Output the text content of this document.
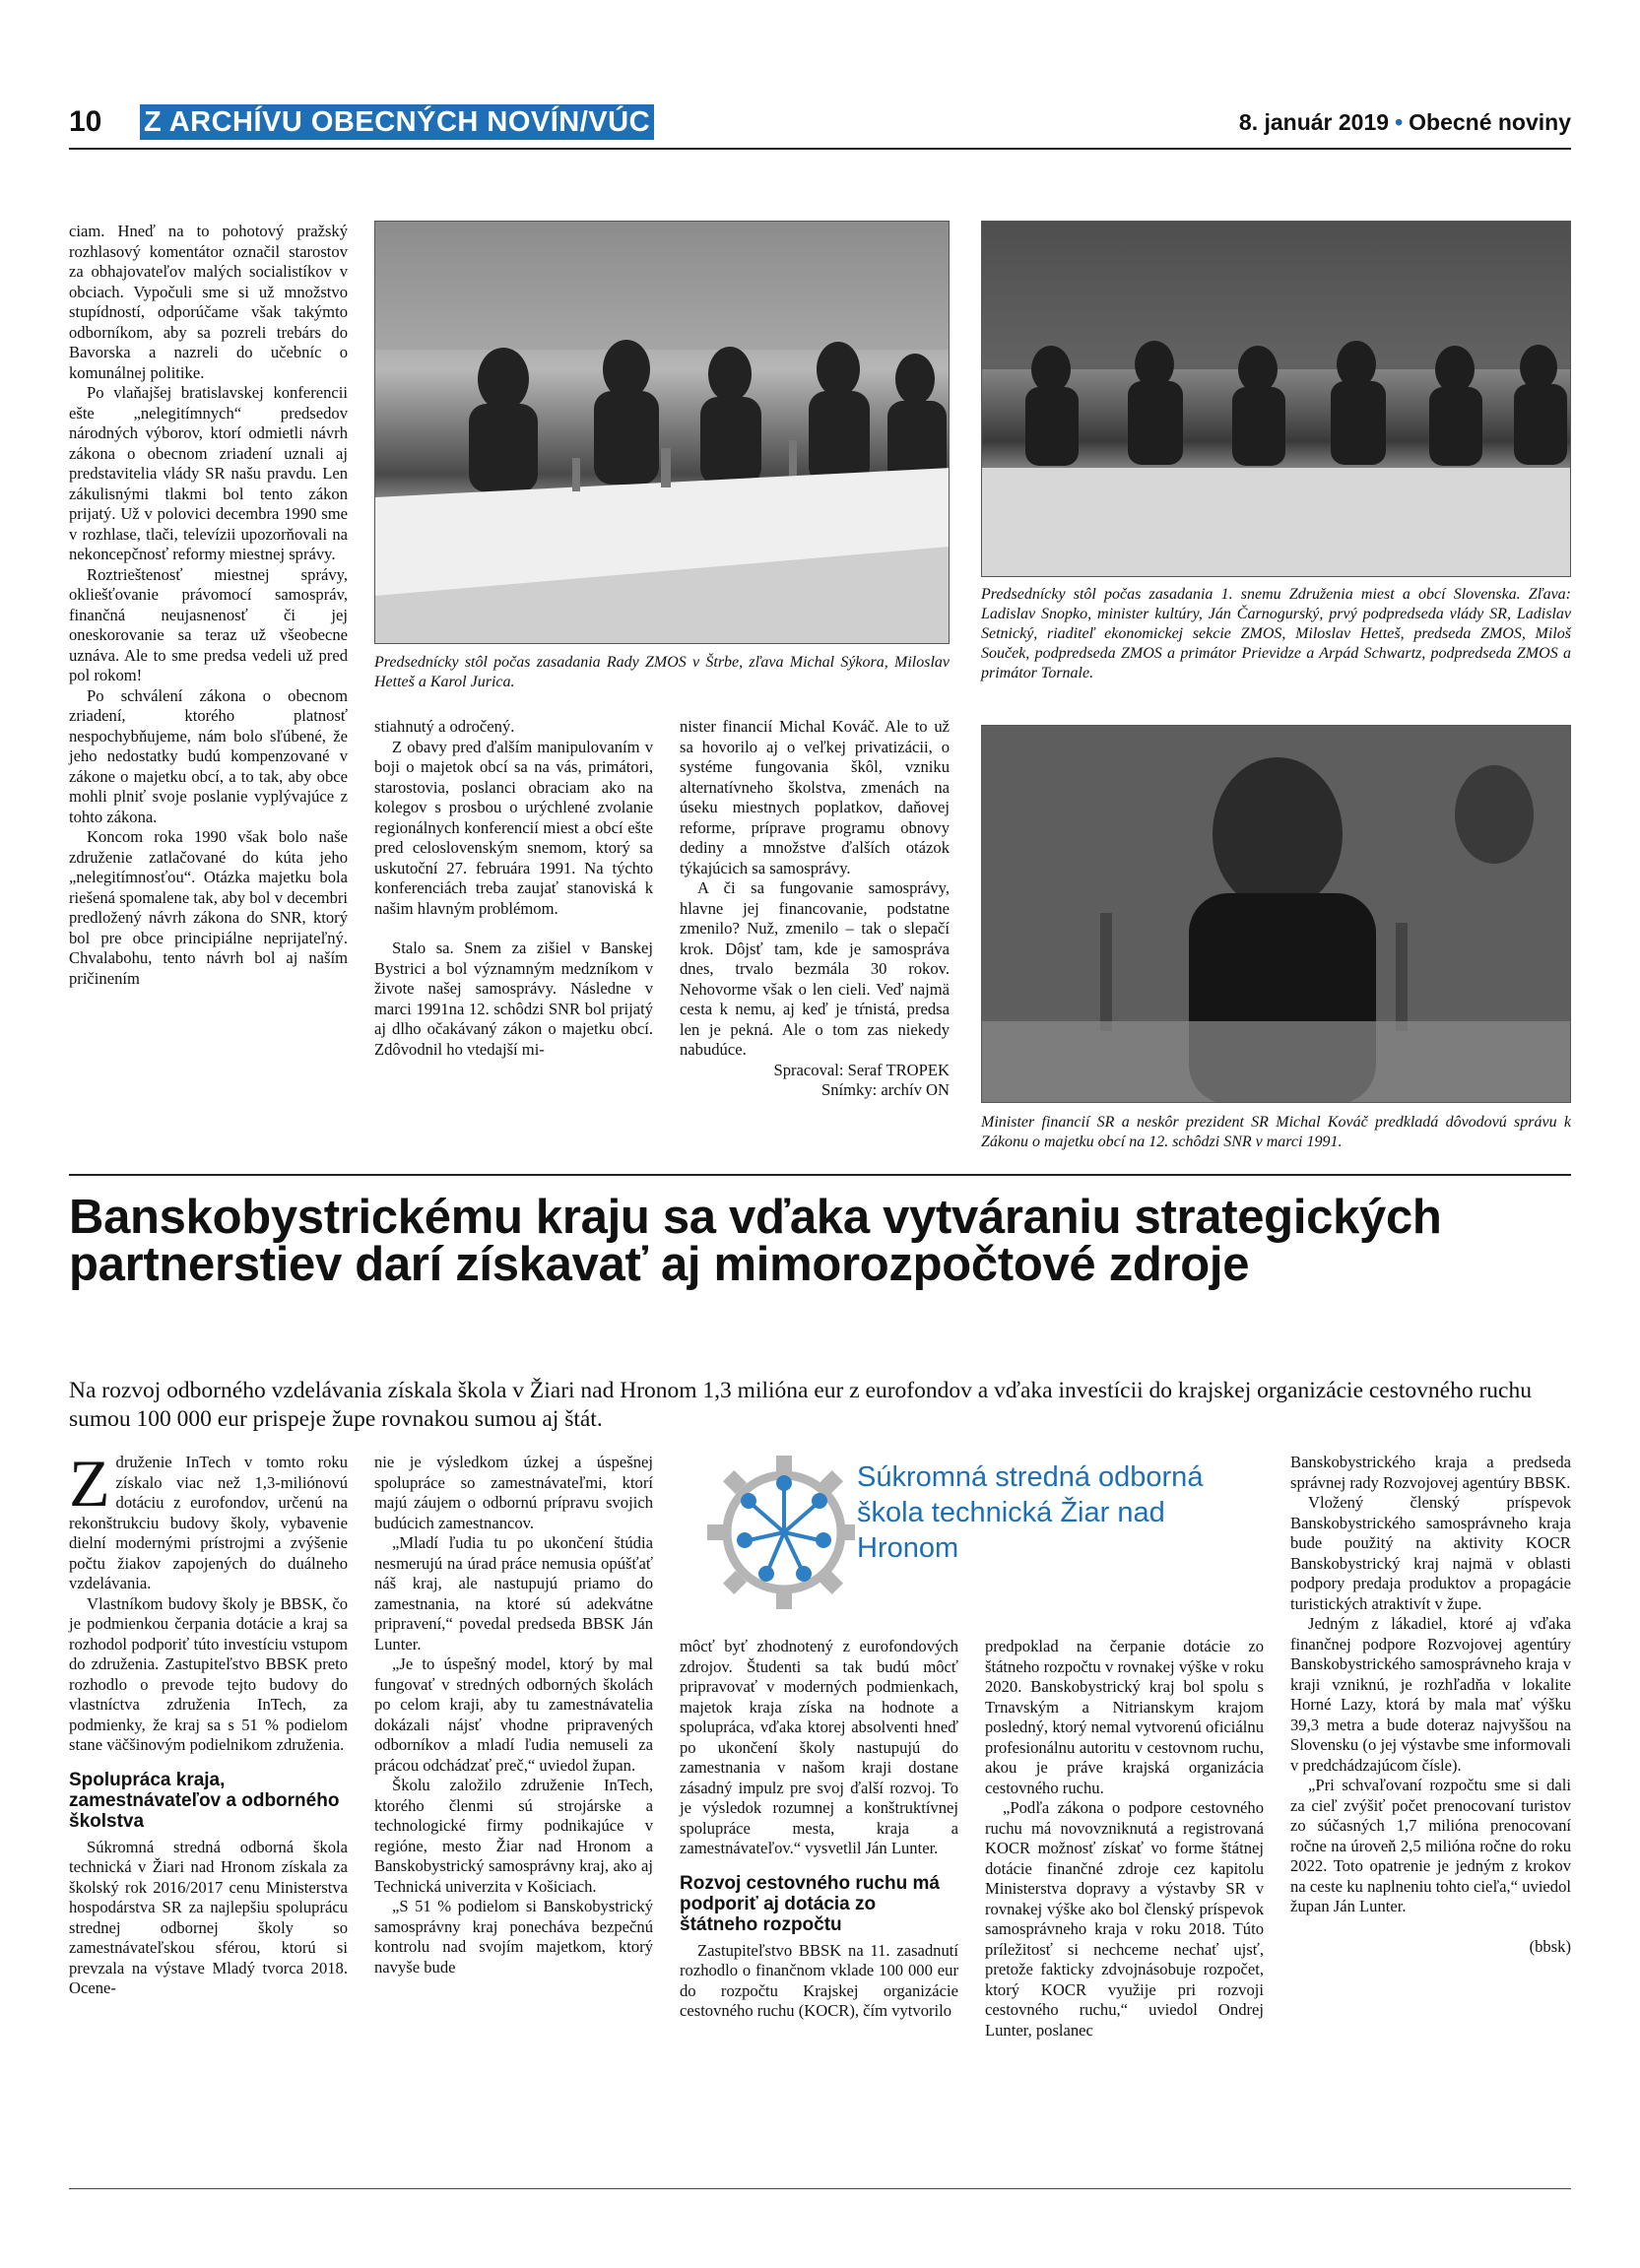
10 Z ARCHÍVU OBECNÝCH NOVÍN/VÚC	8. január 2019 • Obecné noviny

ciam. Hneď na to pohotový pražský rozhlasový komentátor označil starostov za obhajovateľov malých socialistíkov v obciach. Vypočuli sme si už množstvo stupídností, odporúčame však takýmto odborníkom, aby sa pozreli trebárs do Bavorska a nazreli do učebníc o komunálnej politike.

Po vlaňajšej bratislavskej konferencii ešte „nelegitímnych“ predsedov národných výborov, ktorí odmietli návrh zákona o obecnom zriadení uznali aj predstavitelia vlády SR našu pravdu. Len zákulisnými tlakmi bol tento zákon prijatý. Už v polovici decembra 1990 sme v rozhlase, tlači, televízii upozorňovali na nekoncepčnosť reformy miestnej správy.

Roztrieštenosť miestnej správy, okliešťovanie právomocí samospráv, finančná neujasnenosť či jej oneskorovanie sa teraz už všeobecne uznáva. Ale to sme predsa vedeli už pred pol rokom!

Po schválení zákona o obecnom zriadení, ktorého platnosť nespochybňujeme, nám bolo sľúbené, že jeho nedostatky budú kompenzované v zákone o majetku obcí, a to tak, aby obce mohli plniť svoje poslanie vyplývajúce z tohto zákona.

Koncom roka 1990 však bolo naše združenie zatlačované do kúta jeho „nelegitímnosťou“. Otázka majetku bola riešená spomalene tak, aby bol v decembri predložený návrh zákona do SNR, ktorý bol pre obce principiálne neprijateľný. Chvalabohu, tento návrh bol aj naším pričinením

Predsednícky stôl počas zasadania Rady ZMOS v Štrbe, zľava Michal Sýkora, Miloslav Hetteš a Karol Jurica.

stiahnutý a odročený.

Z obavy pred ďalším manipulovaním v boji o majetok obcí sa na vás, primátori, starostovia, poslanci obraciam ako na kolegov s prosbou o urýchlené zvolanie regionálnych konferencií miest a obcí ešte pred celoslovenským snemom, ktorý sa uskutoční 27. februára 1991. Na týchto konferenciách treba zaujať stanoviská k našim hlavným problémom.

Stalo sa. Snem za zišiel v Banskej Bystrici a bol významným medzníkom v živote našej samosprávy. Následne v marci 1991na 12. schôdzi SNR bol prijatý aj dlho očakávaný zákon o majetku obcí. Zdôvodnil ho vtedajší mi-

nister financií Michal Kováč. Ale to už sa hovorilo aj o veľkej privatizácii, o systéme fungovania škôl, vzniku alternatívneho školstva, zmenách na úseku miestnych poplatkov, daňovej reforme, príprave programu obnovy dediny a množstve ďalších otázok týkajúcich sa samosprávy.

A či sa fungovanie samosprávy, hlavne jej financovanie, podstatne zmenilo? Nuž, zmenilo – tak o slepačí krok. Dôjsť tam, kde je samospráva dnes, trvalo bezmála 30 rokov. Nehovorme však o len cieli. Veď najmä cesta k nemu, aj keď je tŕnistá, predsa len je pekná. Ale o tom zas niekedy nabudúce.

Spracoval: Seraf TROPEK

Snímky: archív ON

Predsednícky stôl počas zasadania 1. snemu Združenia miest a obcí Slovenska. Zľava: Ladislav Snopko, minister kultúry, Ján Čarnogurský, prvý podpredseda vlády SR, Ladislav Setnický, riaditeľ ekonomickej sekcie ZMOS, Miloslav Hetteš, predseda ZMOS, Miloš Souček, podpredseda ZMOS a primátor Prievidze a Arpád Schwartz, podpredseda ZMOS a primátor Tornale.
Minister financií SR a neskôr prezident SR Michal Kováč predkladá dôvodovú správu k Zákonu o majetku obcí na 12. schôdzi SNR v marci 1991.
Banskobystrickému kraju sa vďaka vytváraniu strategických partnerstiev darí získavať aj mimorozpočtové zdroje
Na rozvoj odborného vzdelávania získala škola v Žiari nad Hronom 1,3 milióna eur z eurofondov a vďaka investícii do krajskej organizácie cestovného ruchu sumou 100 000 eur prispeje župe rovnakou sumou aj štát.

Združenie InTech v tomto roku získalo viac než 1,3-miliónovú dotáciu z eurofondov, určenú na rekonštrukciu budovy školy, vybavenie dielní modernými prístrojmi a zvýšenie počtu žiakov zapojených do duálneho vzdelávania.

Vlastníkom budovy školy je BBSK, čo je podmienkou čerpania dotácie a kraj sa rozhodol podporiť túto investíciu vstupom do združenia. Zastupiteľstvo BBSK preto rozhodlo o prevode tejto budovy do vlastníctva združenia InTech, za podmienky, že kraj sa s 51 % podielom stane väčšinovým podielnikom združenia.

Spolupráca kraja, zamestnávateľov a odborného školstva

Súkromná stredná odborná škola technická v Žiari nad Hronom získala za školský rok 2016/2017 cenu Ministerstva hospodárstva SR za najlepšiu spoluprácu strednej odbornej školy so zamestnávateľskou sférou, ktorú si prevzala na výstave Mladý tvorca 2018. Ocene-

nie je výsledkom úzkej a úspešnej spolupráce so zamestnávateľmi, ktorí majú záujem o odbornú prípravu svojich budúcich zamestnancov.

„Mladí ľudia tu po ukončení štúdia nesmerujú na úrad práce nemusia opúšťať náš kraj, ale nastupujú priamo do zamestnania, na ktoré sú adekvátne pripravení,“ povedal predseda BBSK Ján Lunter.

„Je to úspešný model, ktorý by mal fungovať v stredných odborných školách po celom kraji, aby tu zamestnávatelia dokázali nájsť vhodne pripravených odborníkov a mladí ľudia nemuseli za prácou odchádzať preč,“ uviedol župan.

Školu založilo združenie InTech, ktorého členmi sú strojárske a technologické firmy podnikajúce v regióne, mesto Žiar nad Hronom a Banskobystrický samosprávny kraj, ako aj Technická univerzita v Košiciach.

„S 51 % podielom si Banskobystrický samosprávny kraj ponecháva bezpečnú kontrolu nad svojím majetkom, ktorý navyše bude

Súkromná stredná odborná škola technická Žiar nad Hronom

môcť byť zhodnotený z eurofondových zdrojov. Študenti sa tak budú môcť pripravovať v moderných podmienkach, majetok kraja získa na hodnote a spolupráca, vďaka ktorej absolventi hneď po ukončení školy nastupujú do zamestnania v našom kraji dostane zásadný impulz pre svoj ďalší rozvoj. To je výsledok rozumnej a konštruktívnej spolupráce mesta, kraja a zamestnávateľov.“ vysvetlil Ján Lunter.

Rozvoj cestovného ruchu má podporiť aj dotácia zo štátneho rozpočtu

Zastupiteľstvo BBSK na 11. zasadnutí rozhodlo o finančnom vklade 100 000 eur do rozpočtu Krajskej organizácie cestovného ruchu (KOCR), čím vytvorilo

predpoklad na čerpanie dotácie zo štátneho rozpočtu v rovnakej výške v roku 2020. Banskobystrický kraj bol spolu s Trnavským a Nitrianskym krajom posledný, ktorý nemal vytvorenú oficiálnu profesionálnu autoritu v cestovnom ruchu, akou je práve krajská organizácia cestovného ruchu.

„Podľa zákona o podpore cestovného ruchu má novovzniknutá a registrovaná KOCR možnosť získať vo forme štátnej dotácie finančné zdroje cez kapitolu Ministerstva dopravy a výstavby SR v rovnakej výške ako bol členský príspevok samosprávneho kraja v roku 2018. Túto príležitosť si nechceme nechať ujsť, pretože fakticky zdvojnásobuje rozpočet, ktorý KOCR využije pri rozvoji cestovného ruchu,“ uviedol Ondrej Lunter, poslanec

Banskobystrického kraja a predseda správnej rady Rozvojovej agentúry BBSK.

Vložený členský príspevok Banskobystrického samosprávneho kraja bude použitý na aktivity KOCR Banskobystrický kraj najmä v oblasti podpory predaja produktov a propagácie turistických atraktivít v župe.

Jedným z lákadiel, ktoré aj vďaka finančnej podpore Rozvojovej agentúry Banskobystrického samosprávneho kraja v kraji vzniknú, je rozhľadňa v lokalite Horné Lazy, ktorá by mala mať výšku 39,3 metra a bude doteraz najvyššou na Slovensku (o jej výstavbe sme informovali v predchádzajúcom čísle).

„Pri schvaľovaní rozpočtu sme si dali za cieľ zvýšiť počet prenocovaní turistov zo súčasných 1,7 milióna prenocovaní ročne na úroveň 2,5 milióna ročne do roku 2022. Toto opatrenie je jedným z krokov na ceste ku naplneniu tohto cieľa,“ uviedol župan Ján Lunter.

(bbsk)
